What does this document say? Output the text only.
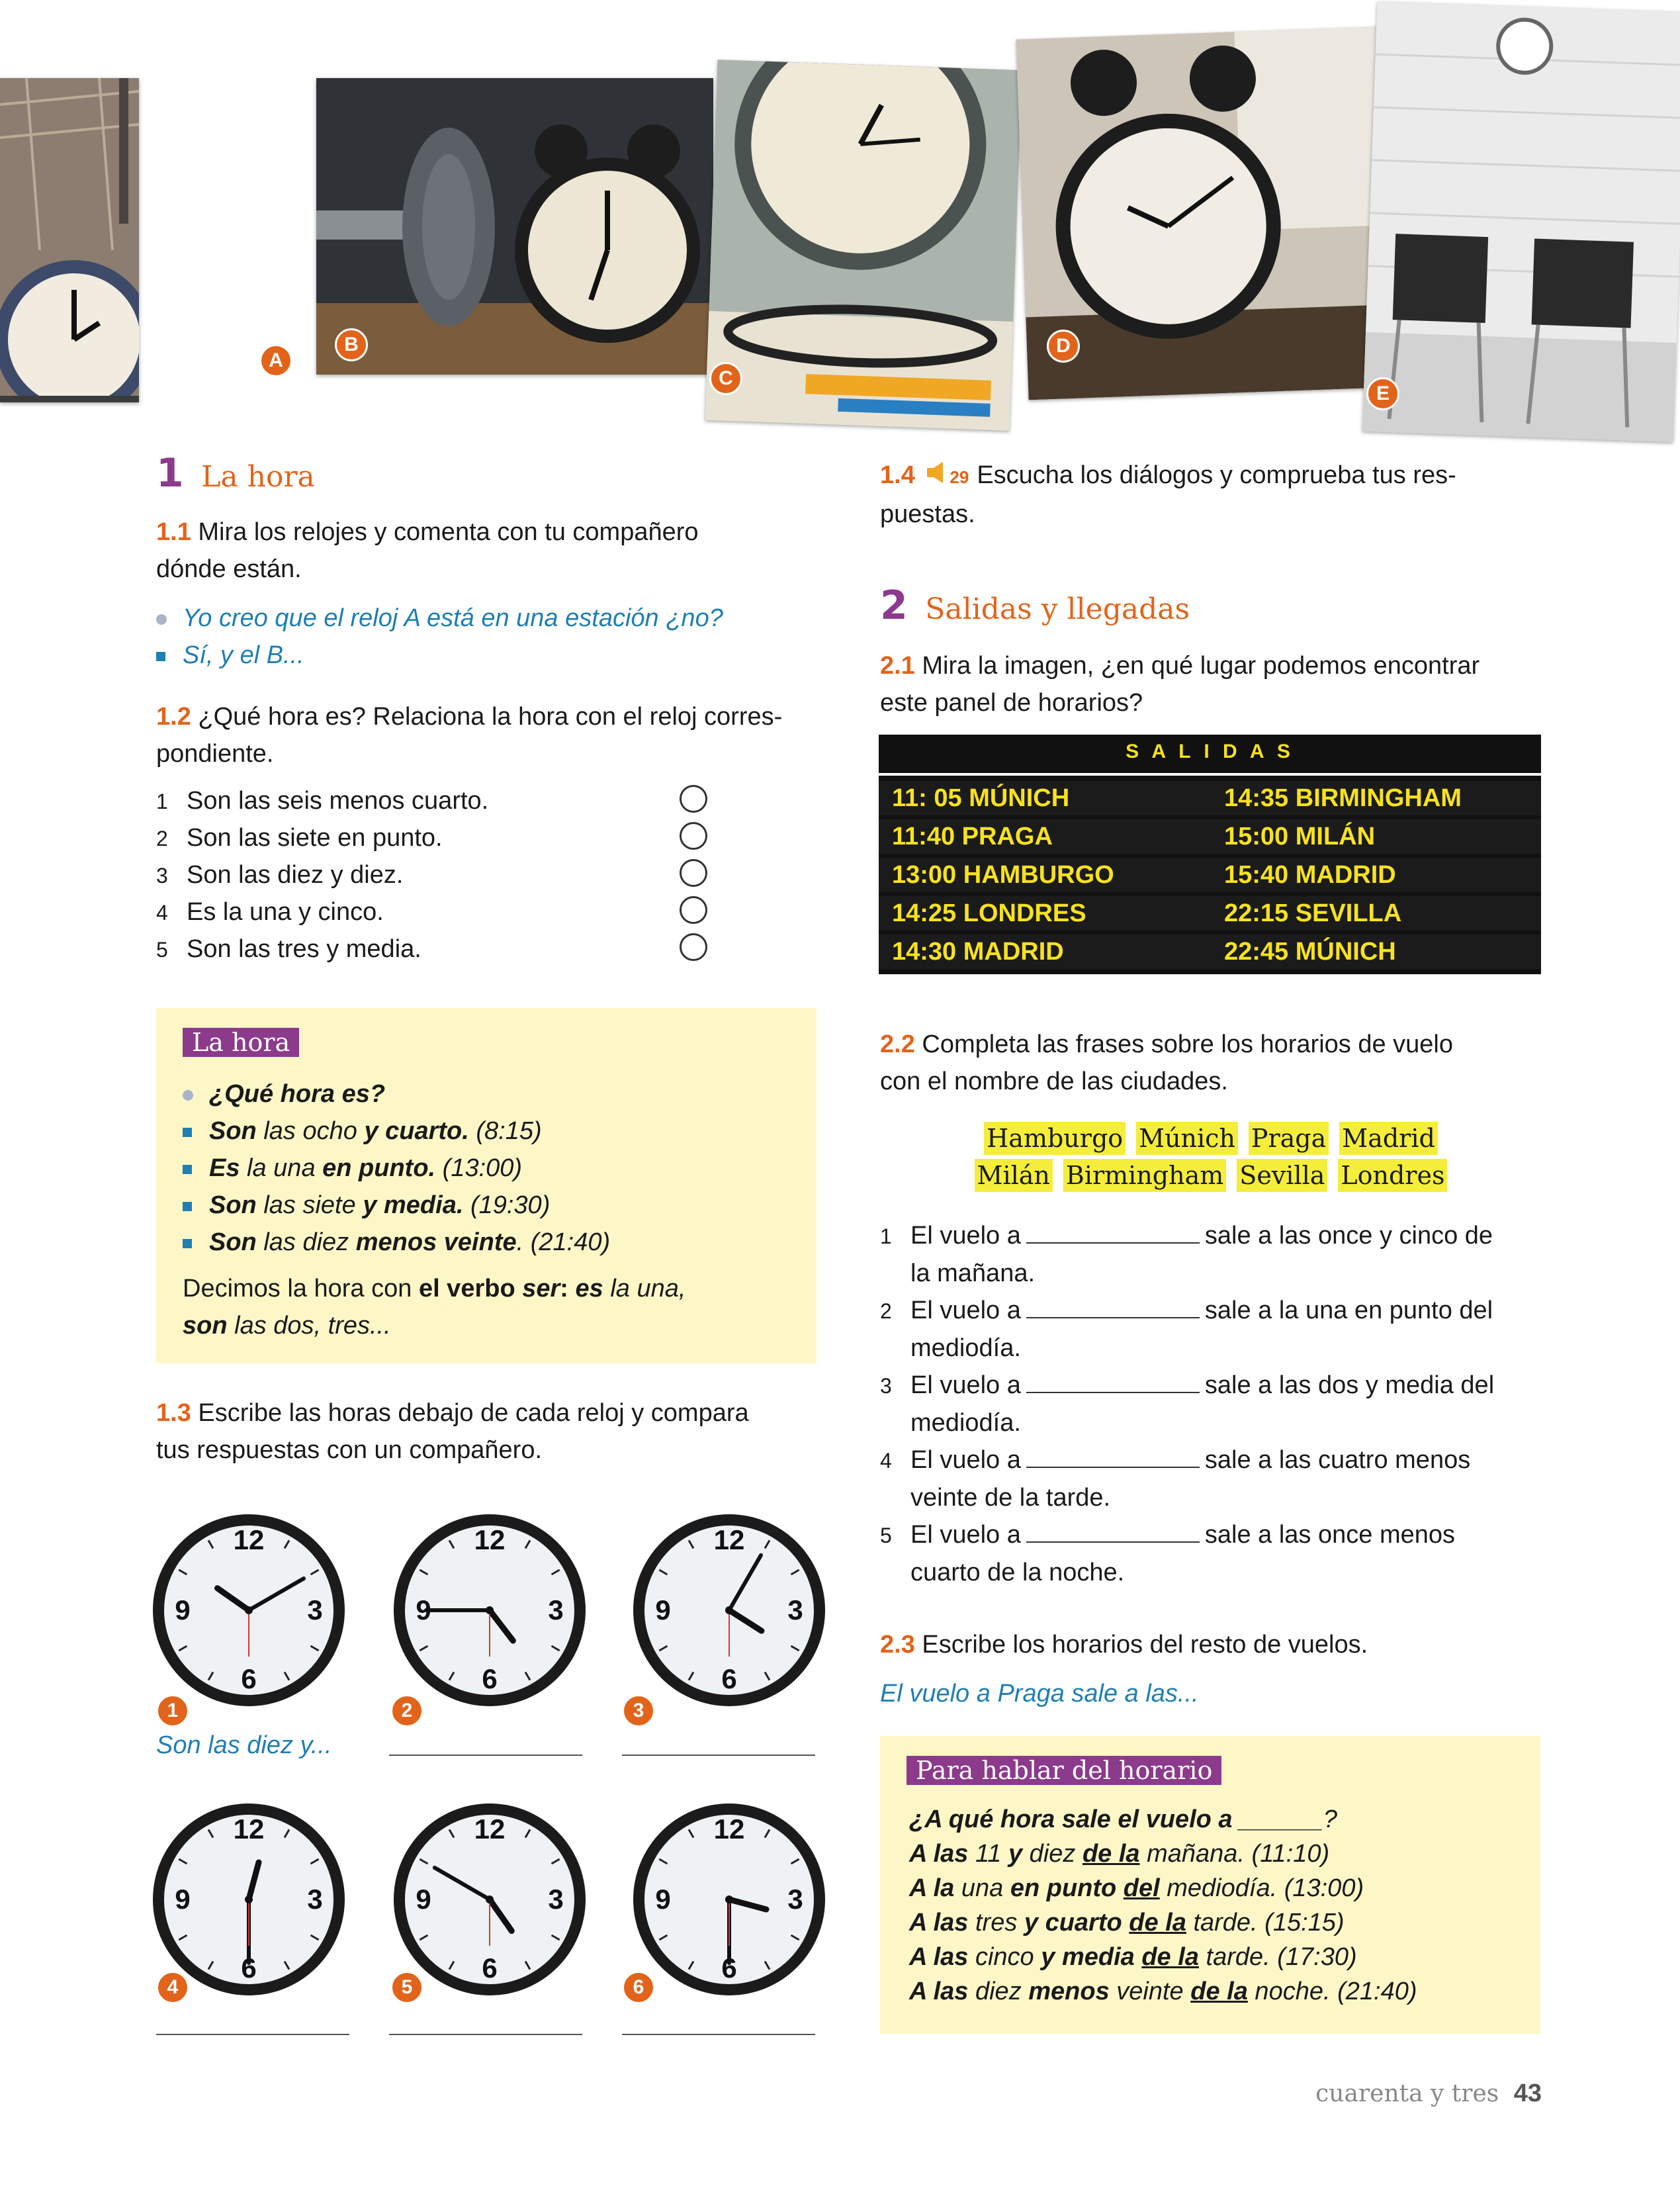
A
B
C
D
E
1 La hora
1.1 Mira los relojes y comenta con tu compañero
dónde están.
Yo creo que el reloj A está en una estación ¿no?
Sí, y el B...
1.2 ¿Qué hora es? Relaciona la hora con el reloj corres-
pondiente.
1 Son las seis menos cuarto.
2 Son las siete en punto.
3 Son las diez y diez.
4 Es la una y cinco.
5 Son las tres y media.
La hora
¿Qué hora es?
Son las ocho y cuarto. (8:15)
Es la una en punto. (13:00)
Son las siete y media. (19:30)
Son las diez menos veinte. (21:40)
Decimos la hora con el verbo ser: es la una,
son las dos, tres...
1.3 Escribe las horas debajo de cada reloj y compara
tus respuestas con un compañero.
12
3
6
9
1
12
3
6
9
2
12
3
6
9
3
12
3
6
9
4
12
3
6
9
5
12
3
6
9
6
Son las diez y...
1.4 29 Escucha los diálogos y comprueba tus res-
puestas.
2 Salidas y llegadas
2.1 Mira la imagen, ¿en qué lugar podemos encontrar
este panel de horarios?
S A L I D A S
11: 05 MÚNICH	14:35 BIRMINGHAM
11:40 PRAGA	15:00 MILÁN
13:00 HAMBURGO	15:40 MADRID
14:25 LONDRES	22:15 SEVILLA
14:30 MADRID	22:45 MÚNICH
2.2 Completa las frases sobre los horarios de vuelo
con el nombre de las ciudades.
Hamburgo Múnich Praga Madrid
Milán Birmingham Sevilla Londres
1 El vuelo a	sale a las once y cinco de
la mañana.
2 El vuelo a	sale a la una en punto del
mediodía.
3 El vuelo a	sale a las dos y media del
mediodía.
4 El vuelo a	sale a las cuatro menos
veinte de la tarde.
5 El vuelo a	sale a las once menos
cuarto de la noche.
2.3 Escribe los horarios del resto de vuelos.
El vuelo a Praga sale a las...
Para hablar del horario
¿A qué hora sale el vuelo a ______?
A las 11 y diez de la mañana. (11:10)
A la una en punto del mediodía. (13:00)
A las tres y cuarto de la tarde. (15:15)
A las cinco y media de la tarde. (17:30)
A las diez menos veinte de la noche. (21:40)
cuarenta y tres 43
